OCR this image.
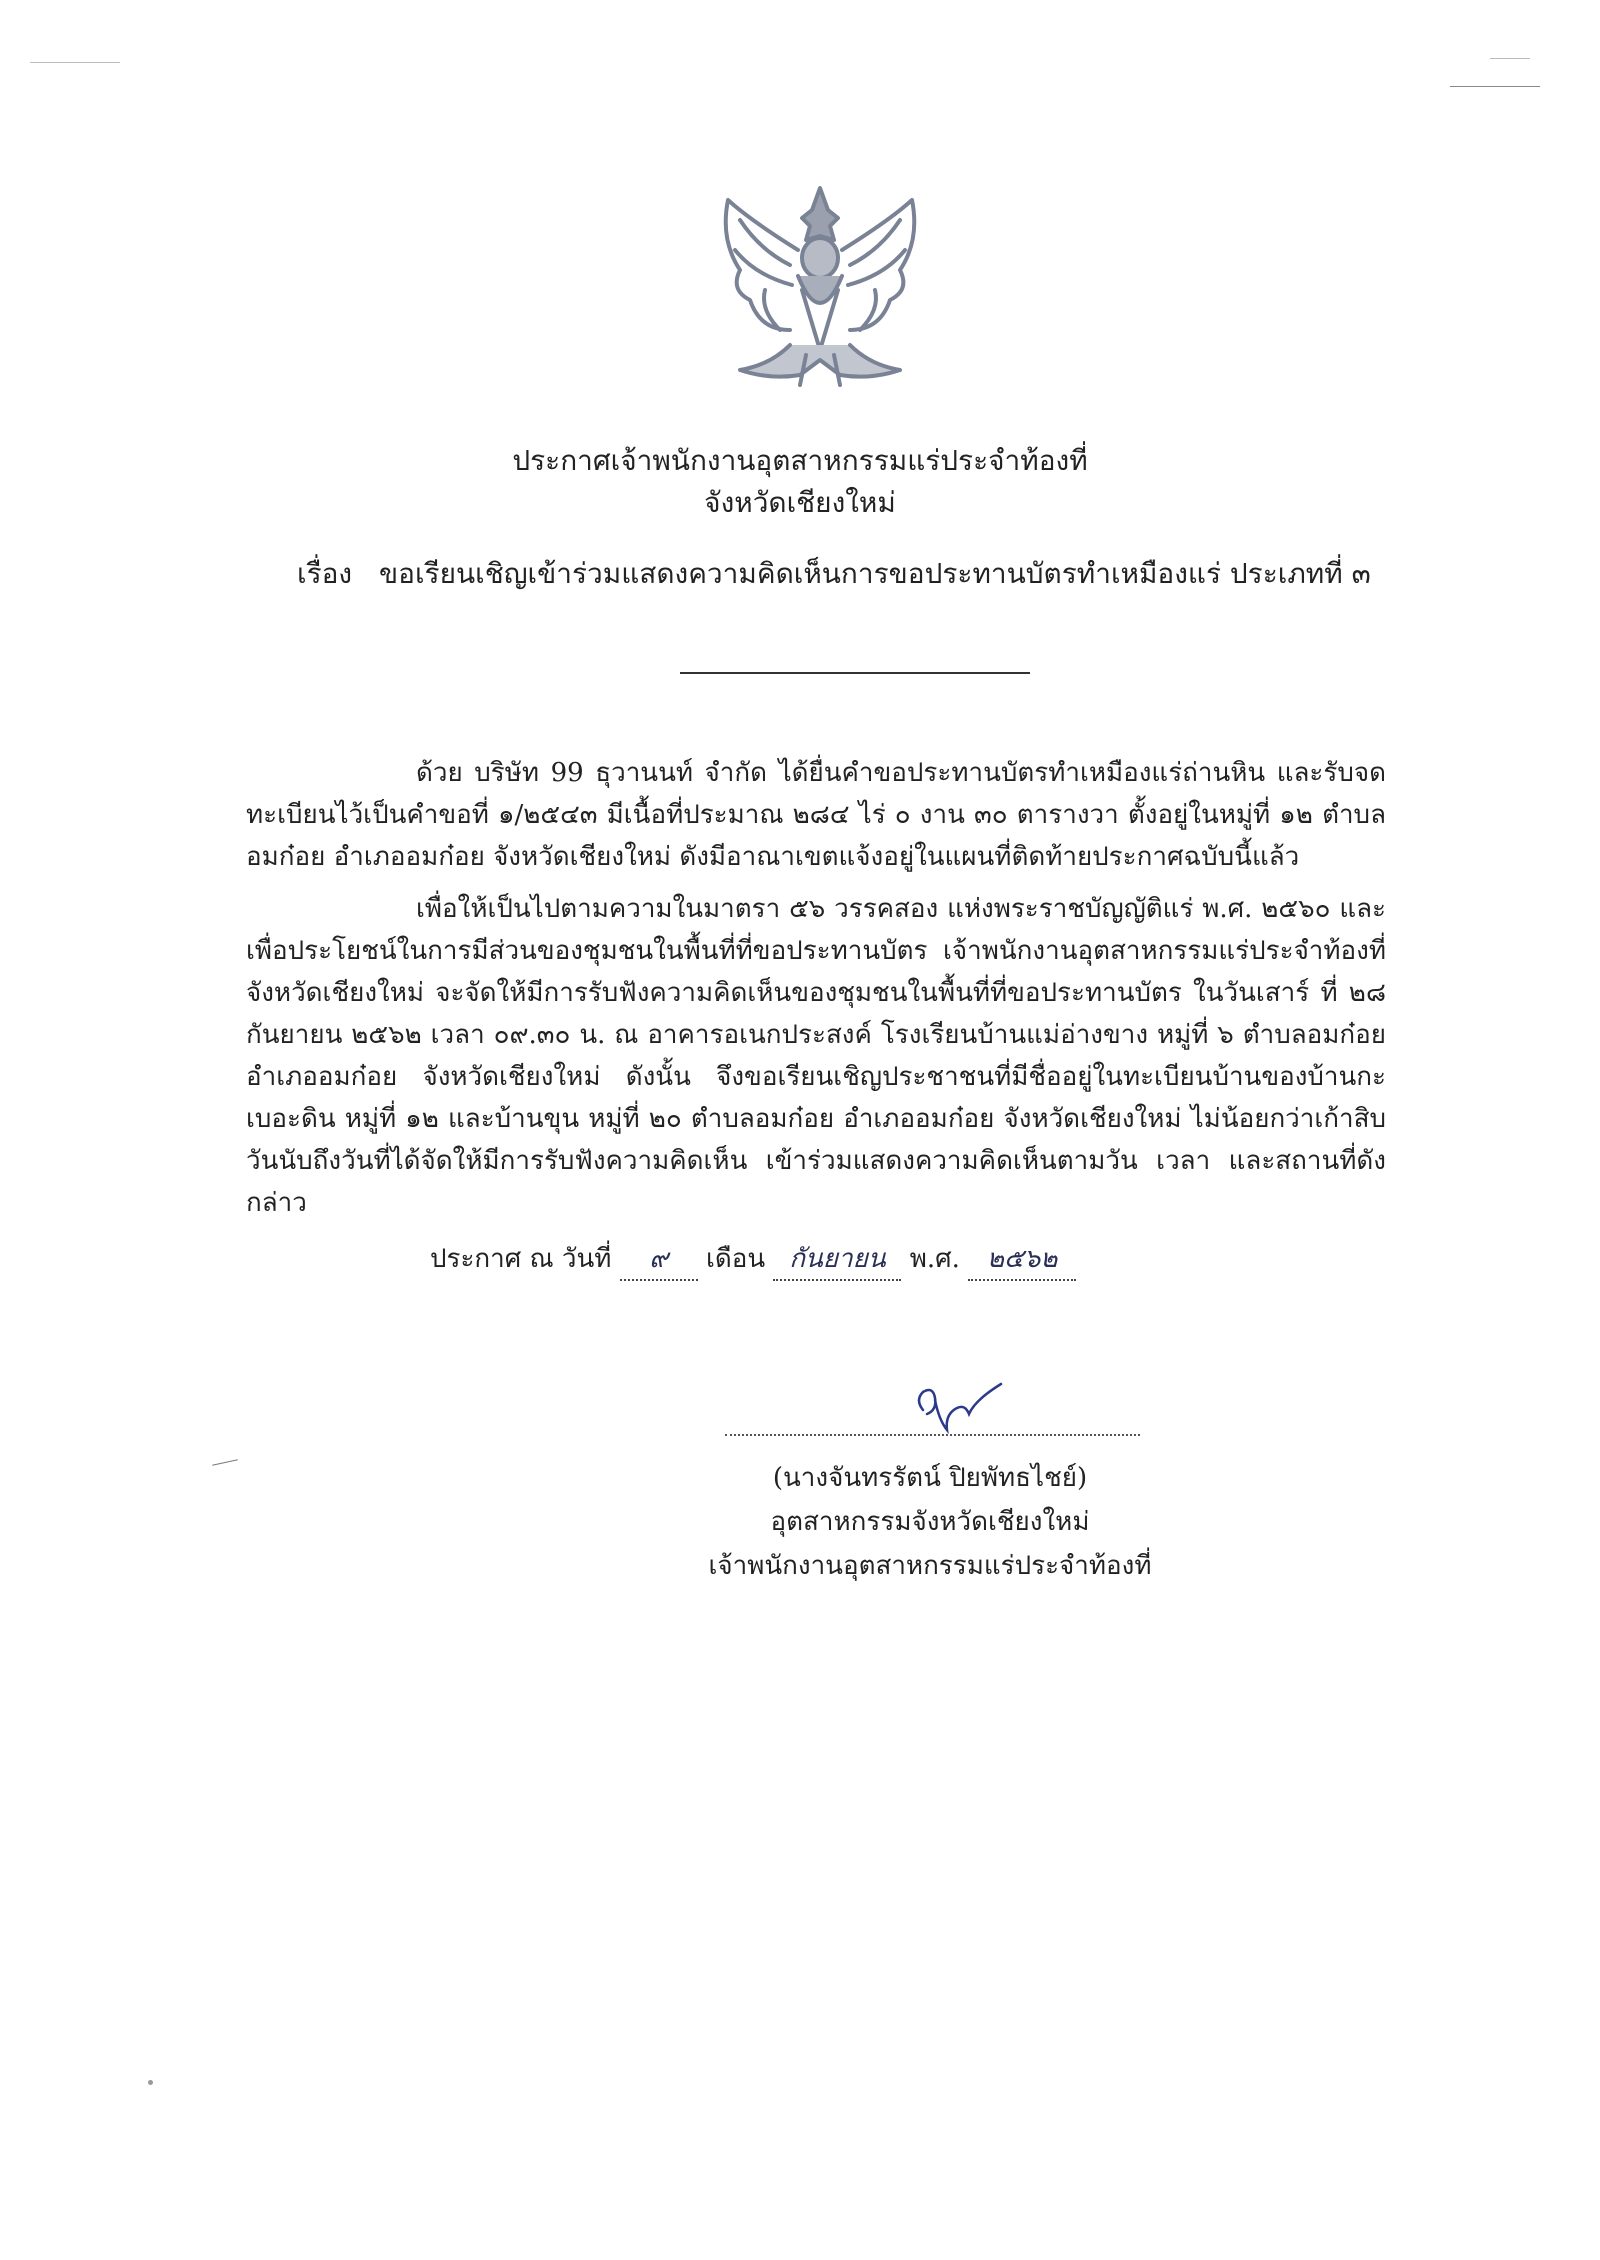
ประกาศเจ้าพนักงานอุตสาหกรรมแร่ประจำท้องที่
จังหวัดเชียงใหม่
เรื่อง ขอเรียนเชิญเข้าร่วมแสดงความคิดเห็นการขอประทานบัตรทำเหมืองแร่ ประเภทที่ ๓

ด้วย บริษัท 99 ธุวานนท์ จำกัด ได้ยื่นคำขอประทานบัตรทำเหมืองแร่ถ่านหิน และรับจดทะเบียนไว้เป็นคำขอที่ ๑/๒๕๔๓ มีเนื้อที่ประมาณ ๒๘๔ ไร่ ๐ งาน ๓๐ ตารางวา ตั้งอยู่ในหมู่ที่ ๑๒ ตำบลอมก๋อย อำเภออมก๋อย จังหวัดเชียงใหม่ ดังมีอาณาเขตแจ้งอยู่ในแผนที่ติดท้ายประกาศฉบับนี้แล้ว

เพื่อให้เป็นไปตามความในมาตรา ๕๖ วรรคสอง แห่งพระราชบัญญัติแร่ พ.ศ. ๒๕๖๐ และเพื่อประโยชน์ในการมีส่วนของชุมชนในพื้นที่ที่ขอประทานบัตร เจ้าพนักงานอุตสาหกรรมแร่ประจำท้องที่จังหวัดเชียงใหม่ จะจัดให้มีการรับฟังความคิดเห็นของชุมชนในพื้นที่ที่ขอประทานบัตร ในวันเสาร์ ที่ ๒๘ กันยายน ๒๕๖๒ เวลา ๐๙.๓๐ น. ณ อาคารอเนกประสงค์ โรงเรียนบ้านแม่อ่างขาง หมู่ที่ ๖ ตำบลอมก๋อย อำเภออมก๋อย จังหวัดเชียงใหม่ ดังนั้น จึงขอเรียนเชิญประชาชนที่มีชื่ออยู่ในทะเบียนบ้านของบ้านกะเบอะดิน หมู่ที่ ๑๒ และบ้านขุน หมู่ที่ ๒๐ ตำบลอมก๋อย อำเภออมก๋อย จังหวัดเชียงใหม่ ไม่น้อยกว่าเก้าสิบวันนับถึงวันที่ได้จัดให้มีการรับฟังความคิดเห็น เข้าร่วมแสดงความคิดเห็นตามวัน เวลา และสถานที่ดังกล่าว

ประกาศ ณ วันที่ ๙ เดือน กันยายน พ.ศ. ๒๕๖๒
(นางจันทรรัตน์ ปิยพัทธไชย์)
อุตสาหกรรมจังหวัดเชียงใหม่
เจ้าพนักงานอุตสาหกรรมแร่ประจำท้องที่
